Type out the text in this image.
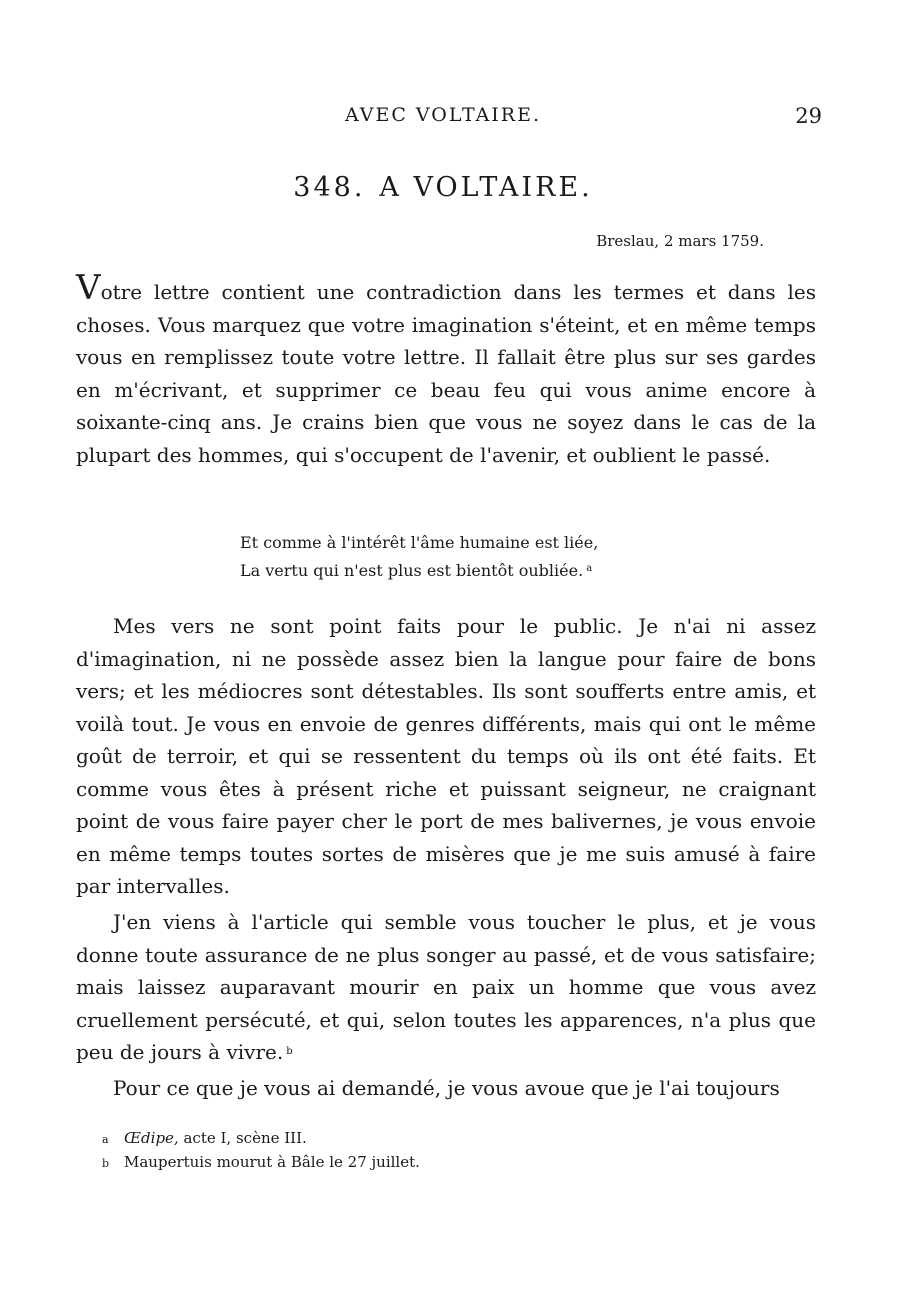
AVEC VOLTAIRE.	29
348. A VOLTAIRE.
Breslau, 2 mars 1759.

Votre lettre contient une contradiction dans les termes et dans les choses. Vous marquez que votre imagination s'éteint, et en même temps vous en remplissez toute votre lettre. Il fallait être plus sur ses gardes en m'écrivant, et supprimer ce beau feu qui vous anime encore à soixante-cinq ans. Je crains bien que vous ne soyez dans le cas de la plupart des hommes, qui s'occupent de l'avenir, et oublient le passé.

Et comme à l'intérêt l'âme humaine est liée,
La vertu qui n'est plus est bientôt oubliée. $^a$

Mes vers ne sont point faits pour le public. Je n'ai ni assez d'imagination, ni ne possède assez bien la langue pour faire de bons vers; et les médiocres sont détestables. Ils sont soufferts entre amis, et voilà tout. Je vous en envoie de genres différents, mais qui ont le même goût de terroir, et qui se ressentent du temps où ils ont été faits. Et comme vous êtes à présent riche et puissant seigneur, ne craignant point de vous faire payer cher le port de mes balivernes, je vous envoie en même temps toutes sortes de misères que je me suis amusé à faire par intervalles.

J'en viens à l'article qui semble vous toucher le plus, et je vous donne toute assurance de ne plus songer au passé, et de vous satisfaire; mais laissez auparavant mourir en paix un homme que vous avez cruellement persécuté, et qui, selon toutes les apparences, n'a plus que peu de jours à vivre. $^b$

Pour ce que je vous ai demandé, je vous avoue que je l'ai toujours

a Œdipe, acte I, scène III.
b Maupertuis mourut à Bâle le 27 juillet.
